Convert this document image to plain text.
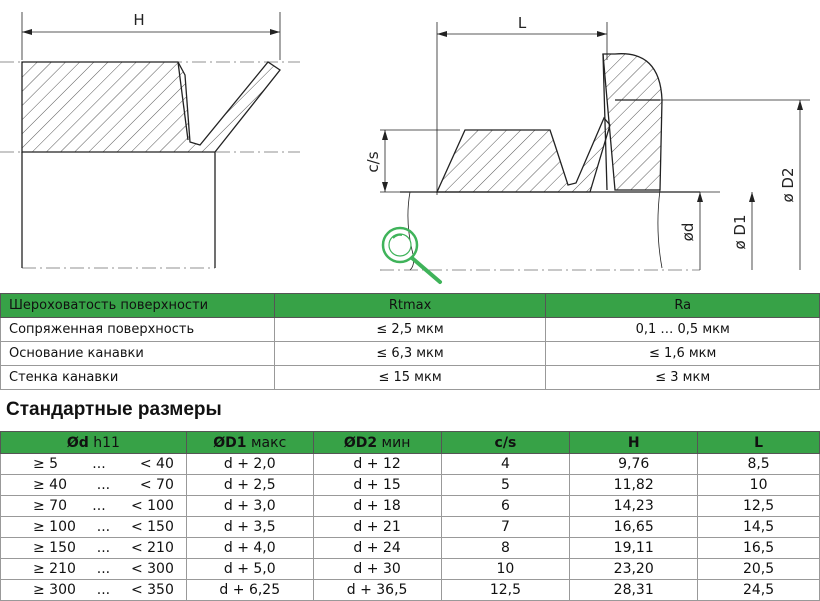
H	L
c/s
ød ø D1
ø D2
Шероховатость поверхности	Rtmax	Ra
Сопряженная поверхность	≤ 2,5 мкм	0,1 … 0,5 мкм
Основание канавки	≤ 6,3 мкм	≤ 1,6 мкм
Стенка канавки	≤ 15 мкм	≤ 3 мкм
Стандартные размеры
Ød h11	ØD1 макс	ØD2 мин	c/s	H	L

≥ 5 ... < 40	d + 2,0	d + 12	4	9,76	8,5

≥ 40 ... < 70	d + 2,5	d + 15	5	11,82	10

≥ 70 ... < 100	d + 3,0	d + 18	6	14,23	12,5

≥ 100 ... < 150	d + 3,5	d + 21	7	16,65	14,5

≥ 150 ... < 210	d + 4,0	d + 24	8	19,11	16,5

≥ 210 ... < 300	d + 5,0	d + 30	10	23,20	20,5

≥ 300 ... < 350	d + 6,25	d + 36,5	12,5	28,31	24,5
